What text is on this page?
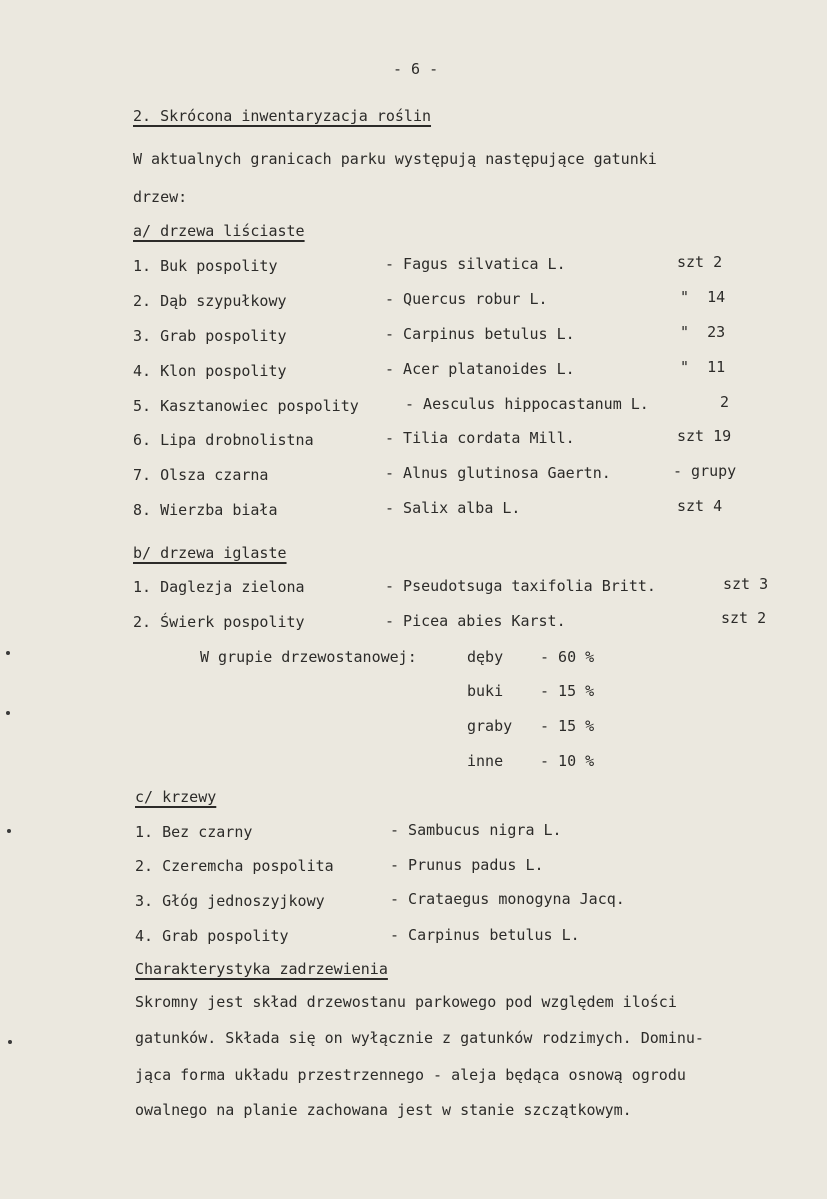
- 6 -
2. Skrócona inwentaryzacja roślin
W aktualnych granicach parku występują następujące gatunki
drzew:
a/ drzewa liściaste
1. Buk pospolity	- Fagus silvatica L.	szt 2
2. Dąb szypułkowy	- Quercus robur L.	"  14
3. Grab pospolity	- Carpinus betulus L.	"  23
4. Klon pospolity	- Acer platanoides L.	"  11
5. Kasztanowiec pospolity	- Aesculus hippocastanum L.	2
6. Lipa drobnolistna	- Tilia cordata Mill.	szt 19
7. Olsza czarna	- Alnus glutinosa Gaertn.	- grupy
8. Wierzba biała	- Salix alba L.	szt 4
b/ drzewa iglaste
1. Daglezja zielona	- Pseudotsuga taxifolia Britt.	szt 3
2. Świerk pospolity	- Picea abies Karst.	szt 2
W grupie drzewostanowej:	dęby - 60 %
buki - 15 %
graby - 15 %
inne - 10 %
c/ krzewy
1. Bez czarny	- Sambucus nigra L.
2. Czeremcha pospolita	- Prunus padus L.
3. Głóg jednoszyjkowy	- Crataegus monogyna Jacq.
4. Grab pospolity	- Carpinus betulus L.
Charakterystyka zadrzewienia
Skromny jest skład drzewostanu parkowego pod względem ilości
gatunków. Składa się on wyłącznie z gatunków rodzimych. Dominu-
jąca forma układu przestrzennego - aleja będąca osnową ogrodu
owalnego na planie zachowana jest w stanie szczątkowym.
